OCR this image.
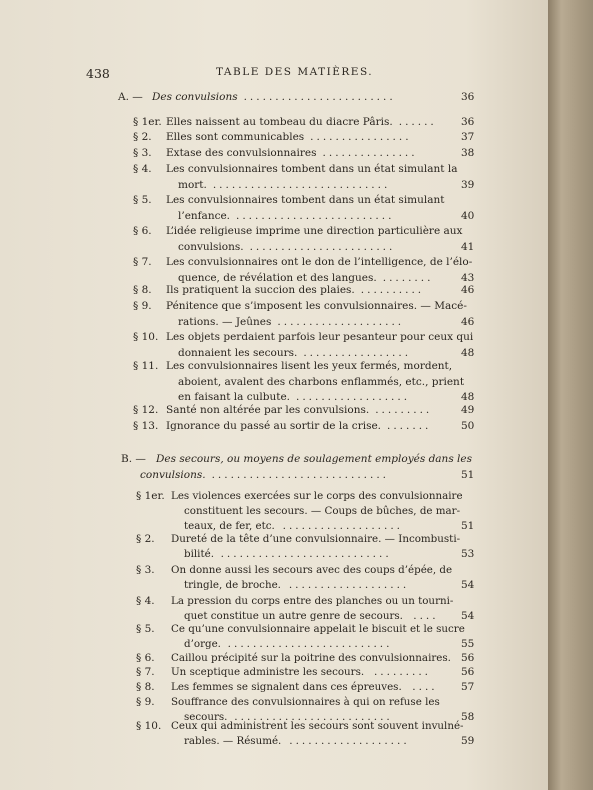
438	TABLE DES MATIÈRES.
A. — Des convulsions ........................	36
§ 1er. Elles naissent au tombeau du diacre Pâris. ......	36
§ 2. Elles sont communicables ................	37
§ 3. Extase des convulsionnaires ...............	38
§ 4. Les convulsionnaires tombent dans un état simulant la
mort. ............................	39
§ 5. Les convulsionnaires tombent dans un état simulant
l’enfance. .........................	40
§ 6. L’idée religieuse imprime une direction particulière aux
convulsions. .......................	41
§ 7. Les convulsionnaires ont le don de l’intelligence, de l’élo-
quence, de révélation et des langues. ........	43
§ 8. Ils pratiquent la succion des plaies. ..........	46
§ 9. Pénitence que s’imposent les convulsionnaires. — Macé-
rations. — Jeûnes ....................	46
§ 10. Les objets perdaient parfois leur pesanteur pour ceux qui
donnaient les secours. .................	48
§ 11. Les convulsionnaires lisent les yeux fermés, mordent,
aboient, avalent des charbons enflammés, etc., prient
en faisant la culbute. ..................	48
§ 12. Santé non altérée par les convulsions. .........	49
§ 13. Ignorance du passé au sortir de la crise. .......	50
B. — Des secours, ou moyens de soulagement employés dans les
convulsions. ............................	51
§ 1er. Les violences exercées sur le corps des convulsionnaire
constituent les secours. — Coups de bûches, de mar-
teaux, de fer, etc. ...................	51
§ 2. Dureté de la tête d’une convulsionnaire. — Incombusti-
bilité. ...........................	53
§ 3. On donne aussi les secours avec des coups d’épée, de
tringle, de broche. ...................	54
§ 4. La pression du corps entre des planches ou un tourni-
quet constitue un autre genre de secours. ....	54
§ 5. Ce qu’une convulsionnaire appelait le biscuit et le sucre
d’orge. ..........................	55
§ 6. Caillou précipité sur la poitrine des convulsionnaires. 56
§ 7. Un sceptique administre les secours. .........	56
§ 8. Les femmes se signalent dans ces épreuves. ....	57
§ 9. Souffrance des convulsionnaires à qui on refuse les
secours. .........................	58
§ 10. Ceux qui administrent les secours sont souvent invulné-
rables. — Résumé. ...................	59
